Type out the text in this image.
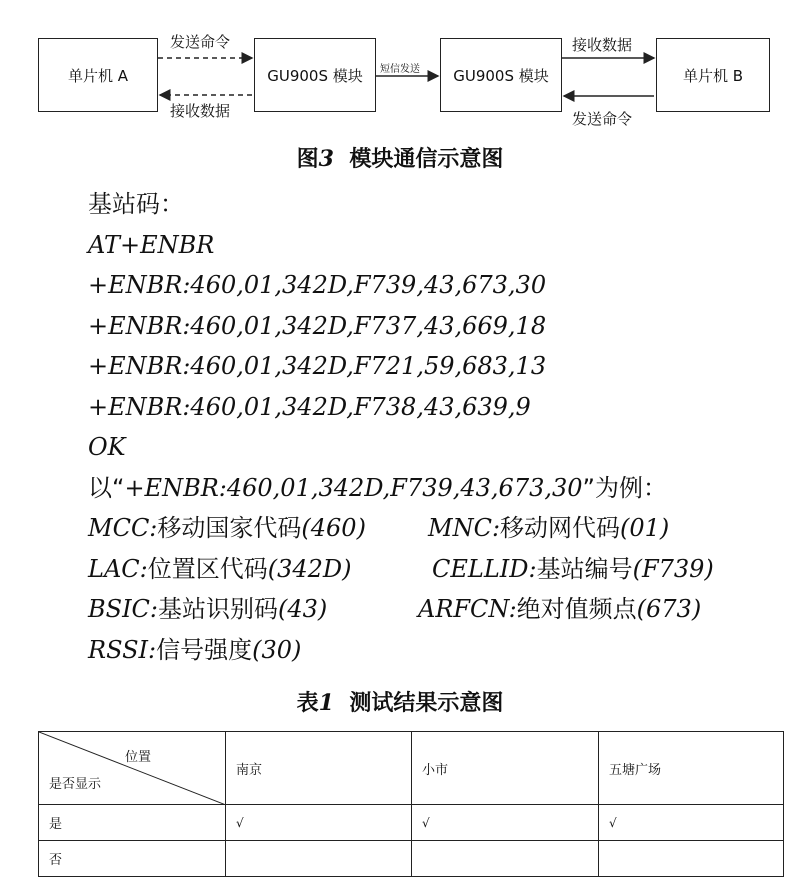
单片机 A	GU900S 模块	GU900S 模块	单片机 B
发送命令
接收数据
短信发送
接收数据
发送命令
图3 模块通信示意图
基站码：
AT+ENBR
+ENBR:460,01,342D,F739,43,673,30
+ENBR:460,01,342D,F737,43,669,18
+ENBR:460,01,342D,F721,59,683,13
+ENBR:460,01,342D,F738,43,639,9
OK
以“+ENBR:460,01,342D,F739,43,673,30”为例：
MCC:移动国家代码(460)	MNC:移动网代码(01)
LAC:位置区代码(342D)	CELLID:基站编号(F739)
BSIC:基站识别码(43)	ARFCN:绝对值频点(673)
RSSI:信号强度(30)
表1 测试结果示意图
位置
是否显示	南京	小市	五塘广场
是	√	√	√
否			
